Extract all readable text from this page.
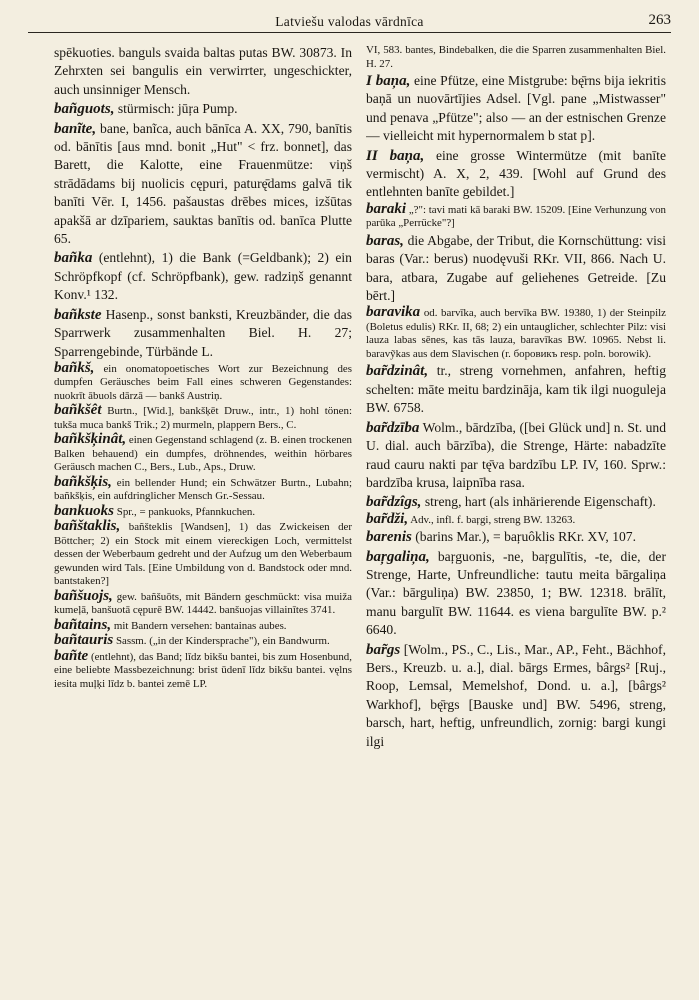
Latviešu valodas vārdnīca	263

spēkuoties. banguls svaida baltas putas BW. 30873. In Zehrxten sei bangulis ein verwirrter, ungeschickter, auch unsinniger Mensch.

bañguots, stürmisch: jūŗa Pump.

banĩte, bane, banĩca, auch bānīca A. XX, 790, banītis od. bānītis [aus mnd. bonit „Hut" < frz. bonnet], das Barett, die Kalotte, eine Frauenmütze: viņš strādādams bij nuolicis cępuri, paturę̄dams galvā tik banīti Vēr. I, 1456. pašaustas drēbes mices, izšūtas apakšā ar dzīpariem, sauktas banītis od. banīca Plutte 65.

bañka (entlehnt), 1) die Bank (=Geldbank); 2) ein Schröpfkopf (cf. Schröpfbank), gew. radziņš genannt Konv.¹ 132.

bañkste Hasenp., sonst banksti, Kreuzbänder, die das Sparrwerk zusammenhalten Biel. H. 27; Sparrengebinde, Türbände L.

bañkš, ein onomatopoetisches Wort zur Bezeichnung des dumpfen Geräusches beim Fall eines schweren Gegenstandes: nuokrīt ābuols dārzā — bankš Austriņ.

bañkšêt Burtn., [Wid.], bankšķēt Druw., intr., 1) hohl tönen: tukša muca bankš Trik.; 2) murmeln, plappern Bers., C.

bañkšķinât, einen Gegenstand schlagend (z. B. einen trockenen Balken behauend) ein dumpfes, dröhnendes, weithin hörbares Geräusch machen C., Bers., Lub., Aps., Druw.

bañkšķis, ein bellender Hund; ein Schwätzer Burtn., Lubahn; bañkšķis, ein aufdringlicher Mensch Gr.-Sessau.

bankuoks Spr., = pankuoks, Pfannkuchen.

bañštaklis, bañšteklis [Wandsen], 1) das Zwickeisen der Böttcher; 2) ein Stock mit einem viereckigen Loch, vermittelst dessen der Weberbaum gedreht und der Aufzug um den Weberbaum gewunden wird Tals. [Eine Umbildung von d. Bandstock oder mnd. bantstaken?]

bañšuojs, gew. bañšuōts, mit Bändern geschmückt: visa muižа kumeļā, banšuotā cępurē BW. 14442. banšuojas villainītes 3741.

bañtains, mit Bandern versehen: bantainas aubes.

bañtauris Sassm. („in der Kindersprache"), ein Bandwurm.

bañte (entlehnt), das Band; līdz bikšu bantei, bis zum Hosenbund, eine beliebte Massbezeichnung: brist ūdenī līdz bikšu bantei. vęlns iesita muļķi līdz b. bantei zemē LP.

VI, 583. bantes, Bindebalken, die die Sparren zusammenhalten Biel. H. 27.

I baņa, eine Pfütze, eine Mistgrube: bę̄rns bija iekritis baņā un nuovārtījies Adsel. [Vgl. pane „Mistwasser" und penava „Pfütze"; also — an der estnischen Grenze — vielleicht mit hypernormalem b stat p].

II baņa, eine grosse Wintermütze (mit banīte vermischt) A. X, 2, 439. [Wohl auf Grund des entlehnten banīte gebildet.]

baraki „?": tavi mati kā baraki BW. 15209. [Eine Verhunzung von parūka „Perrücke"?]

baras, die Abgabe, der Tribut, die Kornschüttung: visi baras (Var.: berus) nuodęvuši RKr. VII, 866. Nach U. bara, atbara, Zugabe auf geliehenes Getreide. [Zu bērt.]

baravika od. barvīka, auch bervīka BW. 19380, 1) der Steinpilz (Boletus edulis) RKr. II, 68; 2) ein untauglicher, schlechter Pilz: visi lauza labas sēnes, kas tās lauza, baravīkas BW. 10965. Nebst li. baravỹkas aus dem Slavischen (r. боровикъ resp. poln. borowik).

bar̃dzinât, tr., streng vornehmen, anfahren, heftig schelten: māte meitu bardzināja, kam tik ilgi nuoguleja BW. 6758.

bar̃dzība Wolm., bārdzība, ([bei Glück und] n. St. und U. dial. auch bārzība), die Strenge, Härte: nabadzīte raud cauru nakti par tę̄va bardzību LP. IV, 160. Sprw.: bardzība krusa, laipnība rasa.

bar̃dzîgs, streng, hart (als inhärierende Eigenschaft).

bar̃dži, Adv., infl. f. baŗgi, streng BW. 13263.

barenis (barins Mar.), = baŗuôklis RKr. XV, 107.

baŗgaliņa, baŗguonis, -ne, baŗgulītis, -te, die, der Strenge, Harte, Unfreundliche: tautu meita bārgaliņa (Var.: bārguliņa) BW. 23850, 1; BW. 12318. brālīt, manu bargulīt BW. 11644. es viena bargulīte BW. p.² 6640.

bar̃gs [Wolm., PS., C., Lis., Mar., AP., Feht., Bächhof, Bers., Kreuzb. u. a.], dial. bārgs Ermes, bârgs² [Ruj., Roop, Lemsal, Memelshof, Dond. u. a.], [bârgs² Warkhof], bę̄rgs [Bauske und] BW. 5496, streng, barsch, hart, heftig, unfreundlich, zornig: bargi kungi ilgi
